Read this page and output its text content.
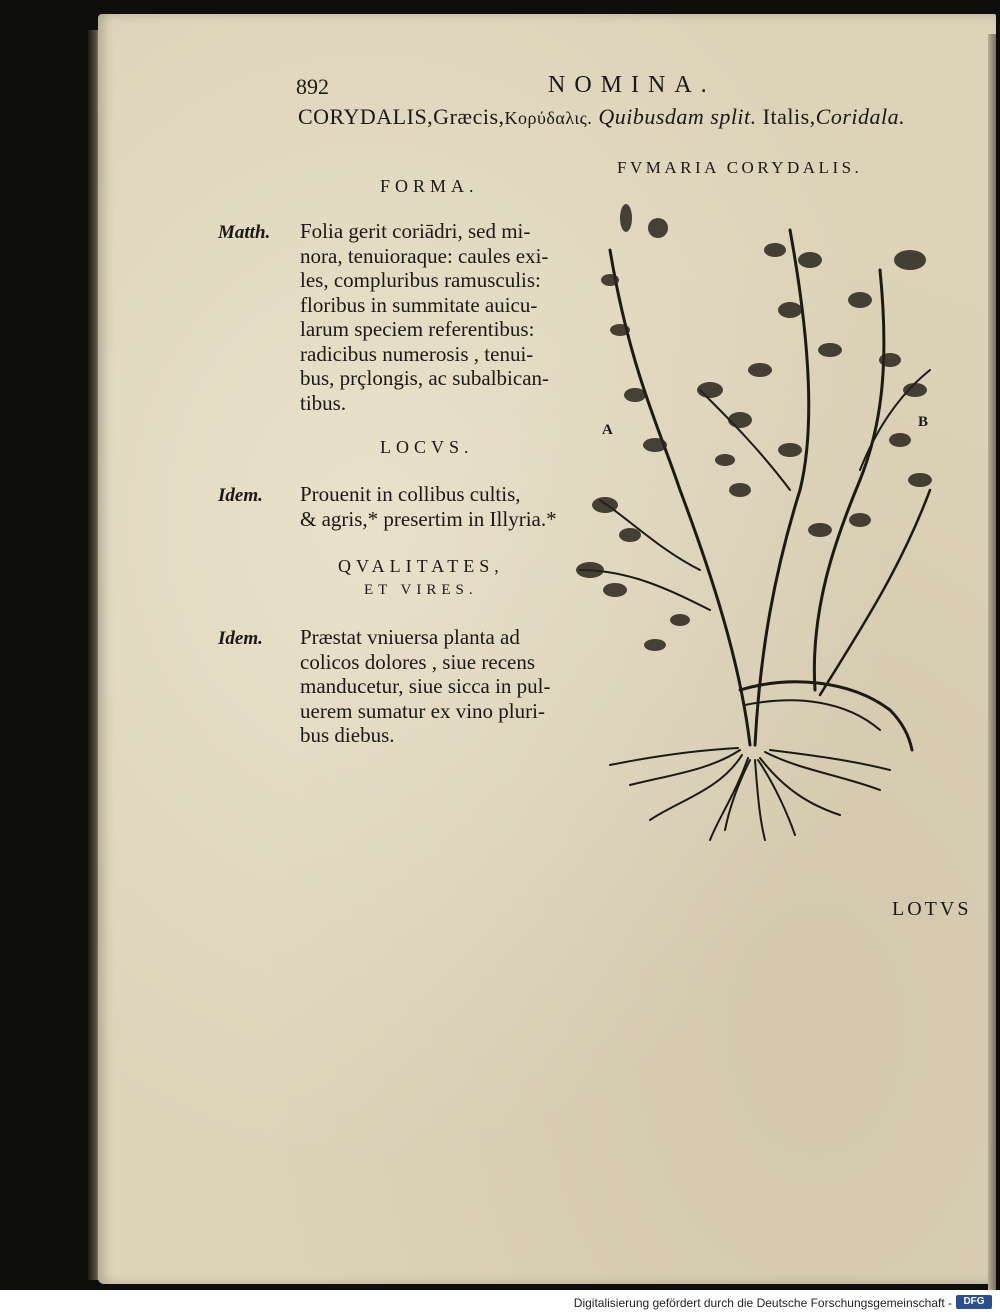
892	NOMINA.
CORYDALIS,Græcis,Κορύδαλις. Quibusdam split. Italis,Coridala.
FVMARIA CORYDALIS.
FORMA.
Matth. Folia gerit coriādri, sed mi-
nora, tenuioraque: caules exi-
les, compluribus ramusculis:
floribus in summitate auicu-
larum speciem referentibus:
radicibus numerosis , tenui-
bus, prçlongis, ac subalbican-
tibus.
LOCVS.
Idem. Prouenit in collibus cultis,
& agris,* presertim in Illyria.*
QVALITATES,
ET VIRES.
Idem. Præstat vniuersa planta ad
colicos dolores , siue recens
manducetur, siue sicca in pul-
uerem sumatur ex vino pluri-
bus diebus.
A	B
LOTVS
Digitalisierung gefördert durch die Deutsche Forschungsgemeinschaft -	DFG
